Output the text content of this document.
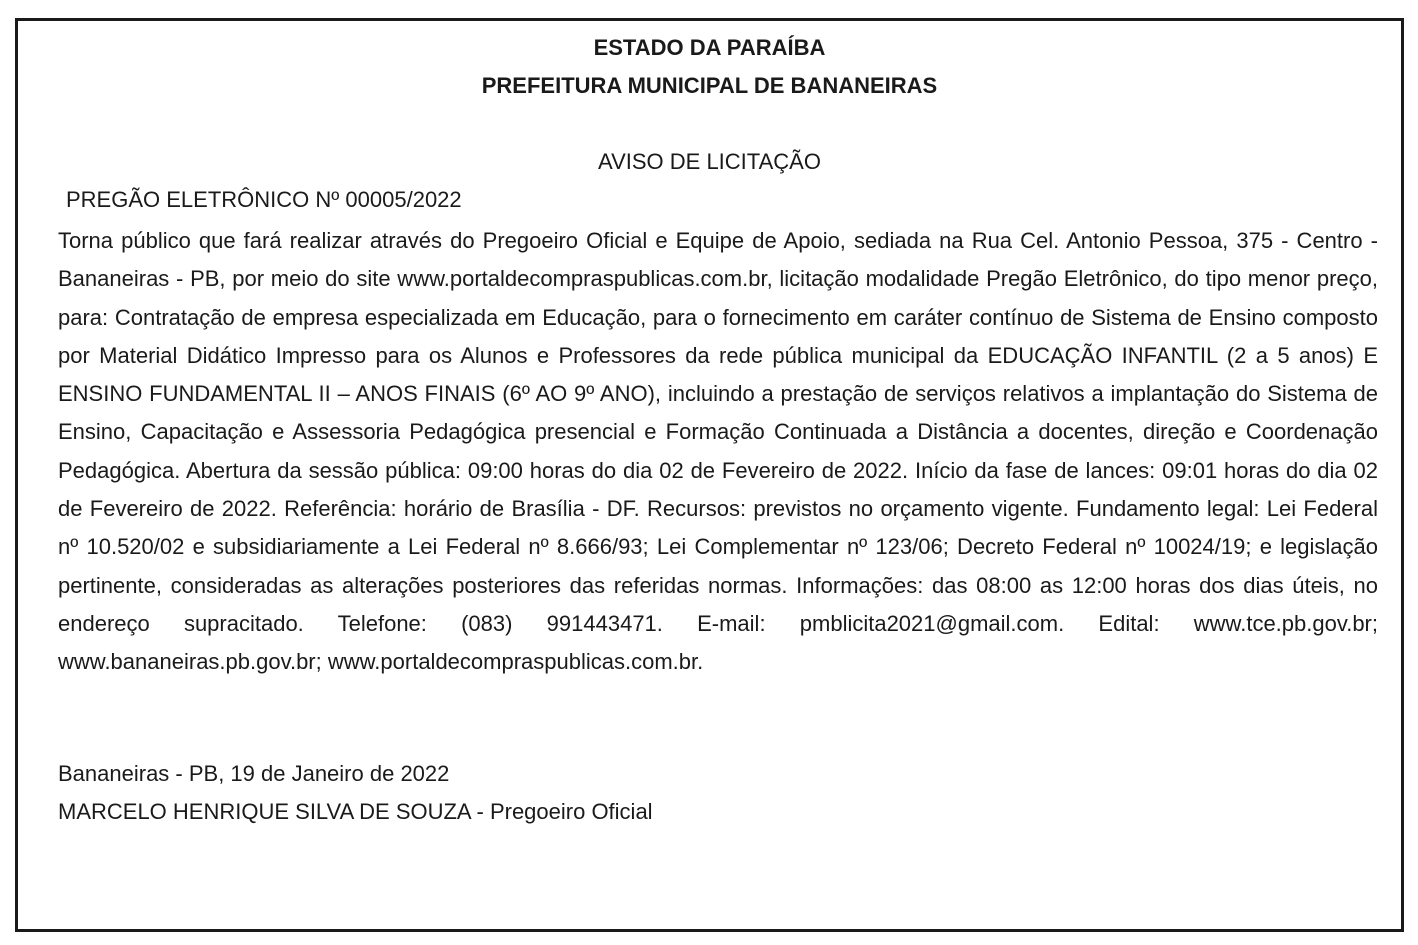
ESTADO DA PARAÍBA
PREFEITURA MUNICIPAL DE BANANEIRAS
AVISO DE LICITAÇÃO
PREGÃO ELETRÔNICO Nº 00005/2022

Torna público que fará realizar através do Pregoeiro Oficial e Equipe de Apoio, sediada na Rua Cel. Antonio Pessoa, 375 - Centro - Bananeiras - PB, por meio do site www.portaldecompraspublicas.com.br, licitação modalidade Pregão Eletrônico, do tipo menor preço, para: Contratação de empresa especializada em Educação, para o fornecimento em caráter contínuo de Sistema de Ensino composto por Material Didático Impresso para os Alunos e Professores da rede pública municipal da EDUCAÇÃO INFANTIL (2 a 5 anos) E ENSINO FUNDAMENTAL II – ANOS FINAIS (6º AO 9º ANO), incluindo a prestação de serviços relativos a implantação do Sistema de Ensino, Capacitação e Assessoria Pedagógica presencial e Formação Continuada a Distância a docentes, direção e Coordenação Pedagógica. Abertura da sessão pública: 09:00 horas do dia 02 de Fevereiro de 2022. Início da fase de lances: 09:01 horas do dia 02 de Fevereiro de 2022. Referência: horário de Brasília - DF. Recursos: previstos no orçamento vigente. Fundamento legal: Lei Federal nº 10.520/02 e subsidiariamente a Lei Federal nº 8.666/93; Lei Complementar nº 123/06; Decreto Federal nº 10024/19; e legislação pertinente, consideradas as alterações posteriores das referidas normas. Informações: das 08:00 as 12:00 horas dos dias úteis, no endereço supracitado. Telefone: (083) 991443471. E-mail: pmblicita2021@gmail.com. Edital: www.tce.pb.gov.br; www.bananeiras.pb.gov.br; www.portaldecompraspublicas.com.br.

Bananeiras - PB, 19 de Janeiro de 2022
MARCELO HENRIQUE SILVA DE SOUZA - Pregoeiro Oficial
